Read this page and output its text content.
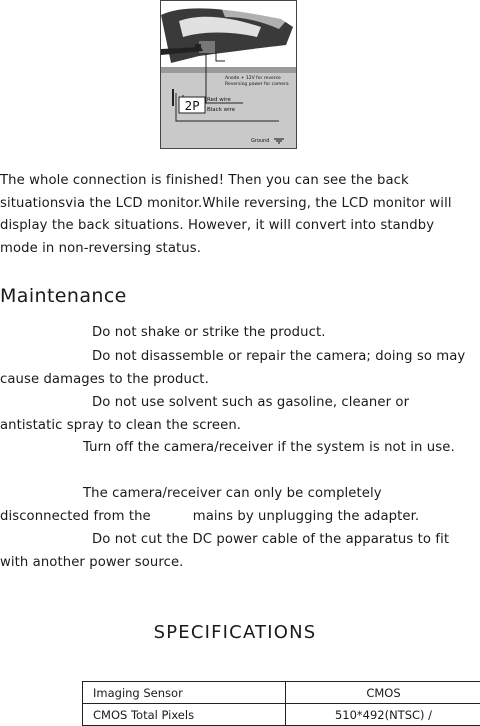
2P Red wire
Black wire
Anode + 12V for reverse
Reversing power for camera
Ground

The whole connection is finished! Then you can see the back situationsvia the LCD monitor.While reversing, the LCD monitor will display the back situations. However, it will convert into standby mode in non-reversing status.

Maintenance

Do not shake or strike the product.

Do not disassemble or repair the camera; doing so may cause damages to the product.

Do not use solvent such as gasoline, cleaner or antistatic spray to clean the screen.

Turn off the camera/receiver if the system is not in use.

The camera/receiver can only be completely disconnected from the	mains by unplugging the adapter.

Do not cut the DC power cable of the apparatus to fit with another power source.

SPECIFICATIONS
Imaging Sensor	CMOS
CMOS Total Pixels	510*492(NTSC) /
